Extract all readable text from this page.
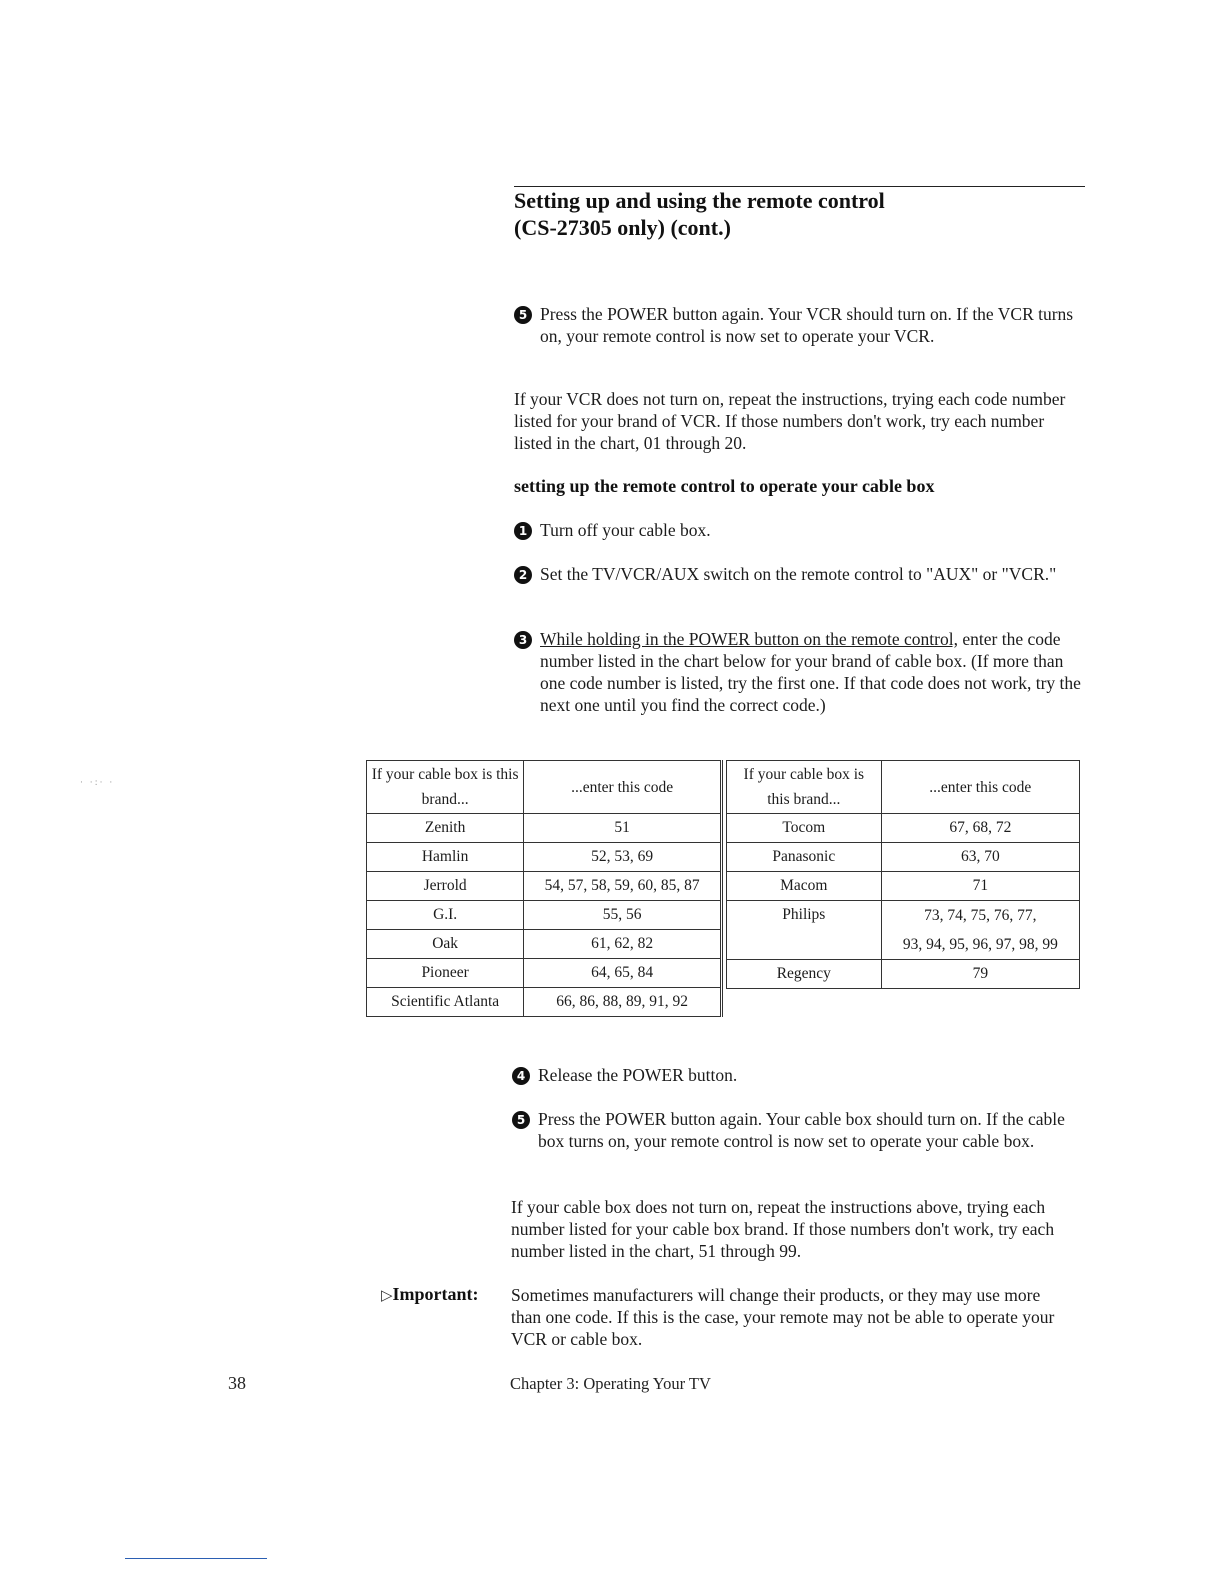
Setting up and using the remote control
(CS-27305 only) (cont.)
5 Press the POWER button again. Your VCR should turn on. If the VCR turns on, your remote control is now set to operate your VCR.
If your VCR does not turn on, repeat the instructions, trying each code number listed for your brand of VCR. If those numbers don't work, try each number listed in the chart, 01 through 20.
setting up the remote control to operate your cable box
1 Turn off your cable box.
2 Set the TV/VCR/AUX switch on the remote control to "AUX" or "VCR."
3 While holding in the POWER button on the remote control, enter the code number listed in the chart below for your brand of cable box. (If more than one code number is listed, try the first one. If that code does not work, try the next one until you find the correct code.)
If your cable box is this brand...	...enter this code
Zenith	51
Hamlin	52, 53, 69
Jerrold	54, 57, 58, 59, 60, 85, 87
G.I.	55, 56
Oak	61, 62, 82
Pioneer	64, 65, 84
Scientific Atlanta	66, 86, 88, 89, 91, 92
If your cable box is this brand...	...enter this code
Tocom	67, 68, 72
Panasonic	63, 70
Macom	71
Philips	73, 74, 75, 76, 77,
93, 94, 95, 96, 97, 98, 99

Regency	79
4 Release the POWER button.
5 Press the POWER button again. Your cable box should turn on. If the cable box turns on, your remote control is now set to operate your cable box.
If your cable box does not turn on, repeat the instructions above, trying each number listed for your cable box brand. If those numbers don't work, try each number listed in the chart, 51 through 99.
▷Important: Sometimes manufacturers will change their products, or they may use more than one code. If this is the case, your remote may not be able to operate your VCR or cable box.
38	Chapter 3: Operating Your TV
· ·:· ·
